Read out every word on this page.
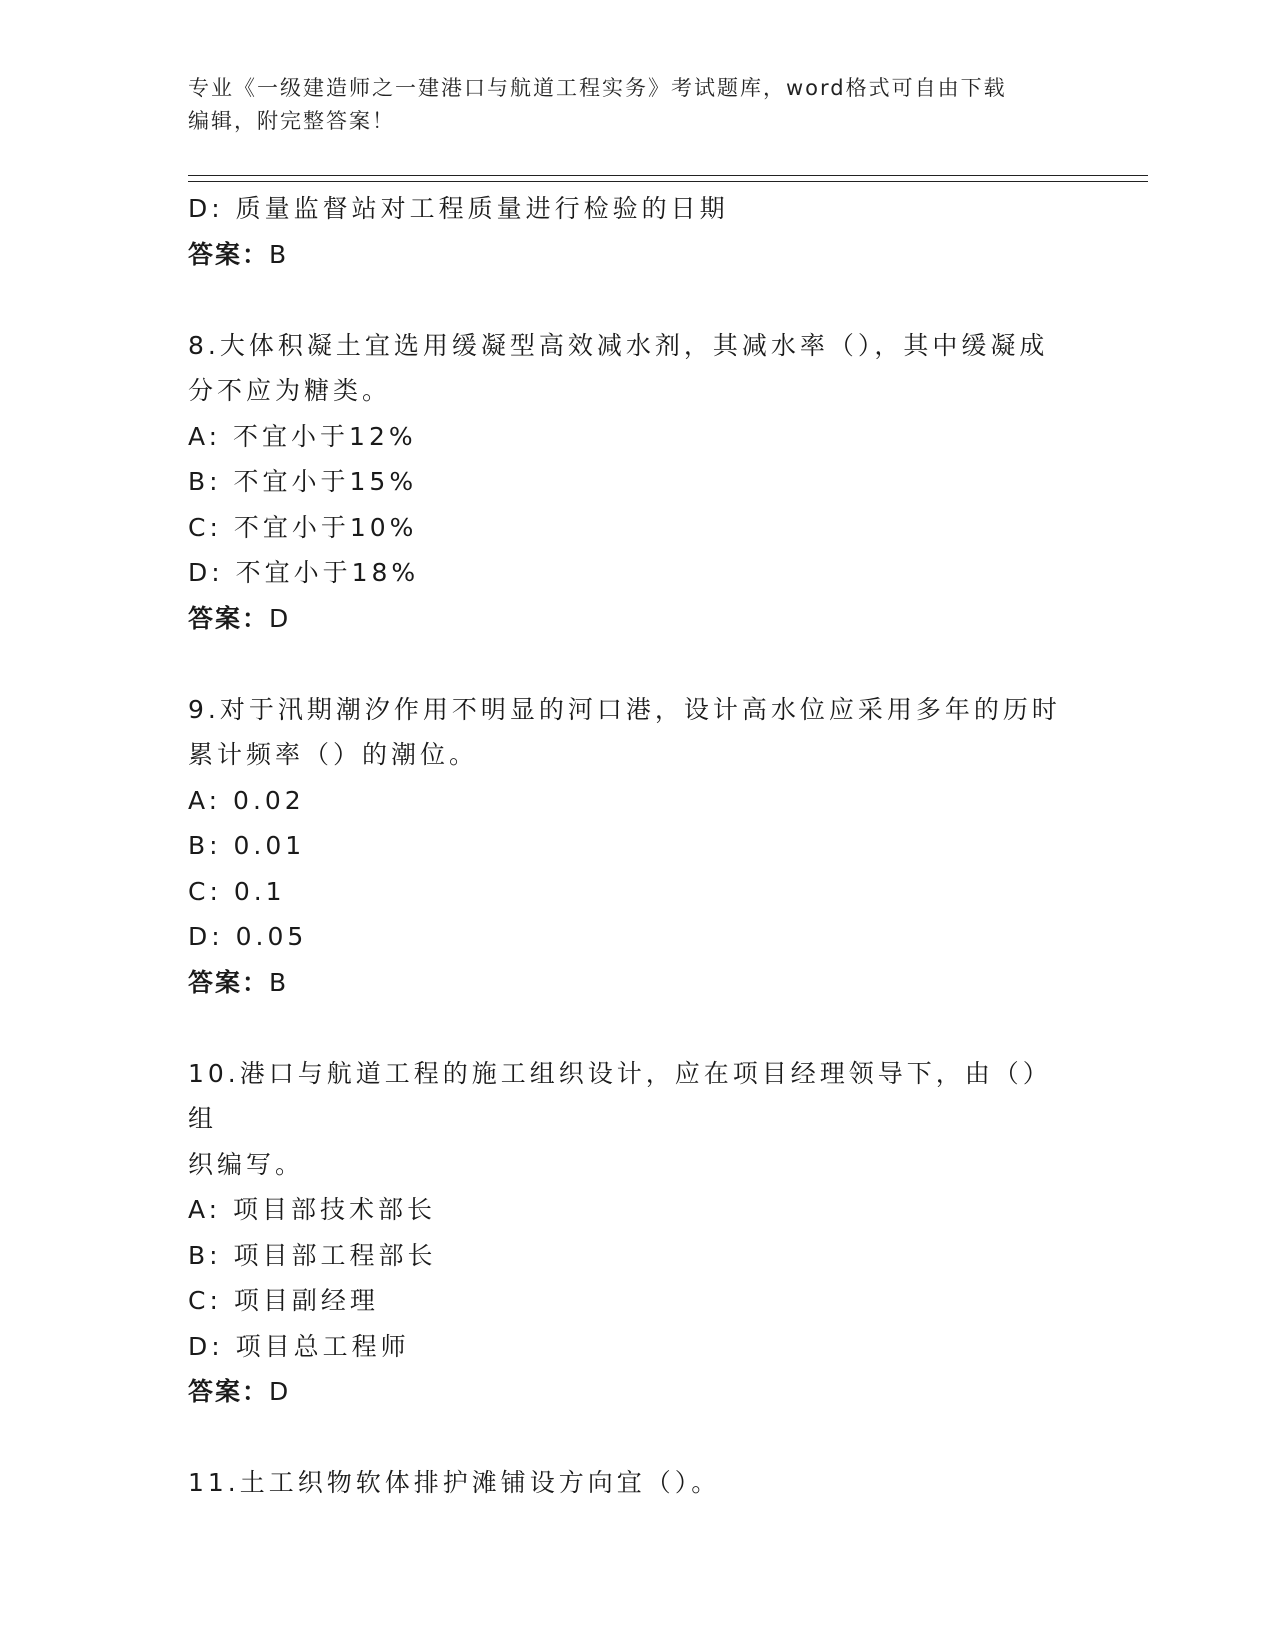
专业《一级建造师之一建港口与航道工程实务》考试题库，word格式可自由下载
编辑，附完整答案！
D: 质量监督站对工程质量进行检验的日期
答案：B
8.大体积凝土宜选用缓凝型高效减水剂，其减水率（），其中缓凝成
分不应为糖类。
A: 不宜小于12%
B: 不宜小于15%
C: 不宜小于10%
D: 不宜小于18%
答案：D
9.对于汛期潮汐作用不明显的河口港，设计高水位应采用多年的历时
累计频率（）的潮位。
A: 0.02
B: 0.01
C: 0.1
D: 0.05
答案：B
10.港口与航道工程的施工组织设计，应在项目经理领导下，由（）组
织编写。
A: 项目部技术部长
B: 项目部工程部长
C: 项目副经理
D: 项目总工程师
答案：D
11.土工织物软体排护滩铺设方向宜（）。
